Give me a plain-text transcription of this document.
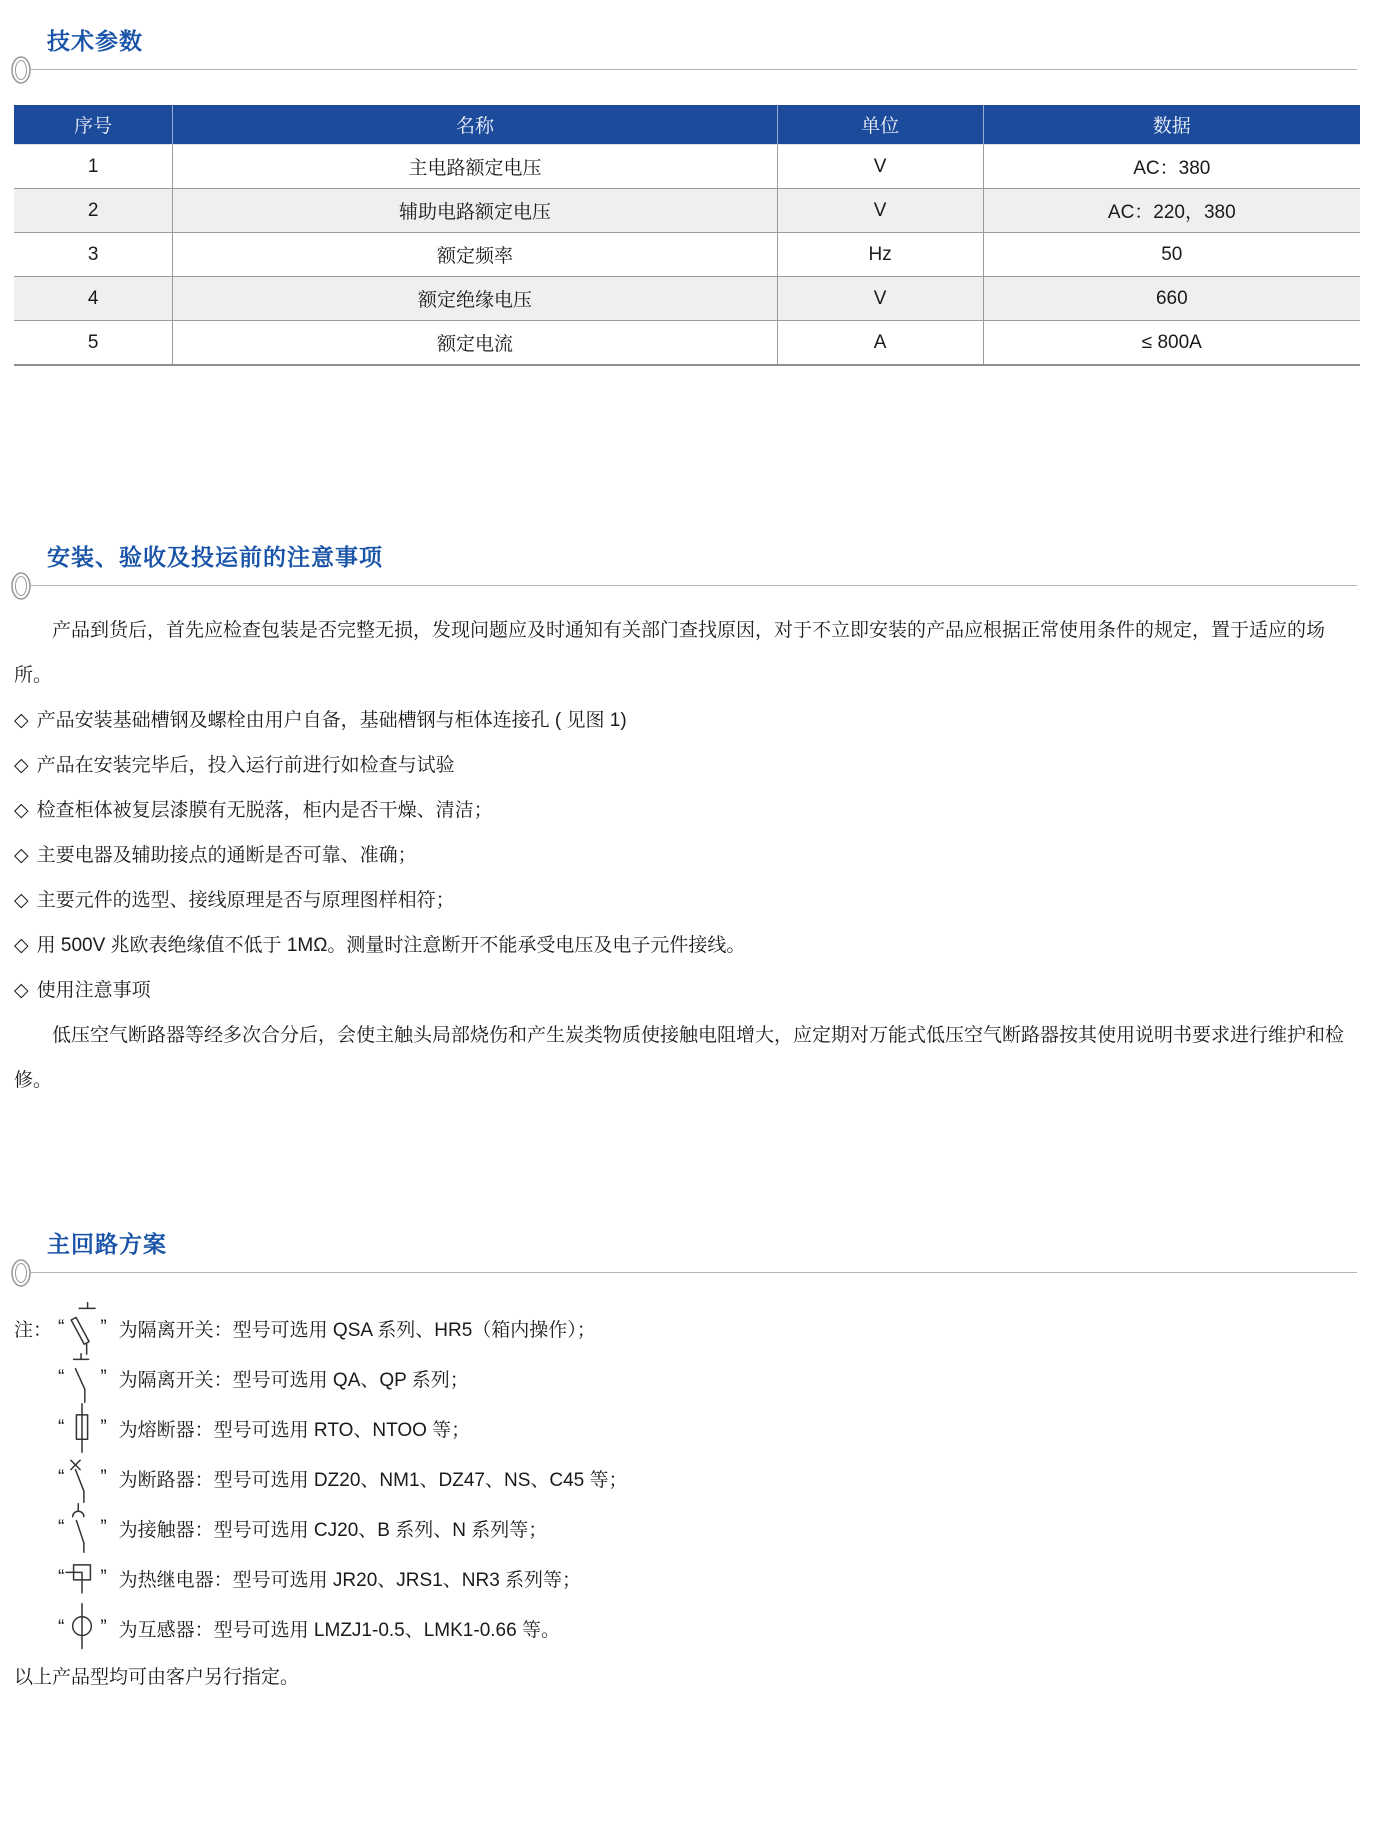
技术参数
序号	名称	单位	数据
1	主电路额定电压	V	AC：380
2	辅助电路额定电压	V	AC：220，380
3	额定频率	Hz	50
4	额定绝缘电压	V	660
5	额定电流	A	≤ 800A
安装、验收及投运前的注意事项

产品到货后，首先应检查包装是否完整无损，发现问题应及时通知有关部门查找原因，对于不立即安装的产品应根据正常使用条件的规定，置于适应的场所。

◇ 产品安装基础槽钢及螺栓由用户自备，基础槽钢与柜体连接孔 ( 见图 1)
◇ 产品在安装完毕后，投入运行前进行如检查与试验
◇ 检查柜体被复层漆膜有无脱落，柜内是否干燥、清洁；
◇ 主要电器及辅助接点的通断是否可靠、准确；
◇ 主要元件的选型、接线原理是否与原理图样相符；
◇ 用 500V 兆欧表绝缘值不低于 1MΩ。测量时注意断开不能承受电压及电子元件接线。
◇ 使用注意事项

低压空气断路器等经多次合分后，会使主触头局部烧伤和产生炭类物质使接触电阻增大，应定期对万能式低压空气断路器按其使用说明书要求进行维护和检修。

主回路方案
注： “ ” 为隔离开关：型号可选用 QSA 系列、HR5（箱内操作）；
“ ” 为隔离开关：型号可选用 QA、QP 系列；
“ ” 为熔断器：型号可选用 RTO、NTOO 等；
“ ” 为断路器：型号可选用 DZ20、NM1、DZ47、NS、C45 等；
“ ” 为接触器：型号可选用 CJ20、B 系列、N 系列等；
“ ” 为热继电器：型号可选用 JR20、JRS1、NR3 系列等；
“ ” 为互感器：型号可选用 LMZJ1-0.5、LMK1-0.66 等。

以上产品型均可由客户另行指定。
